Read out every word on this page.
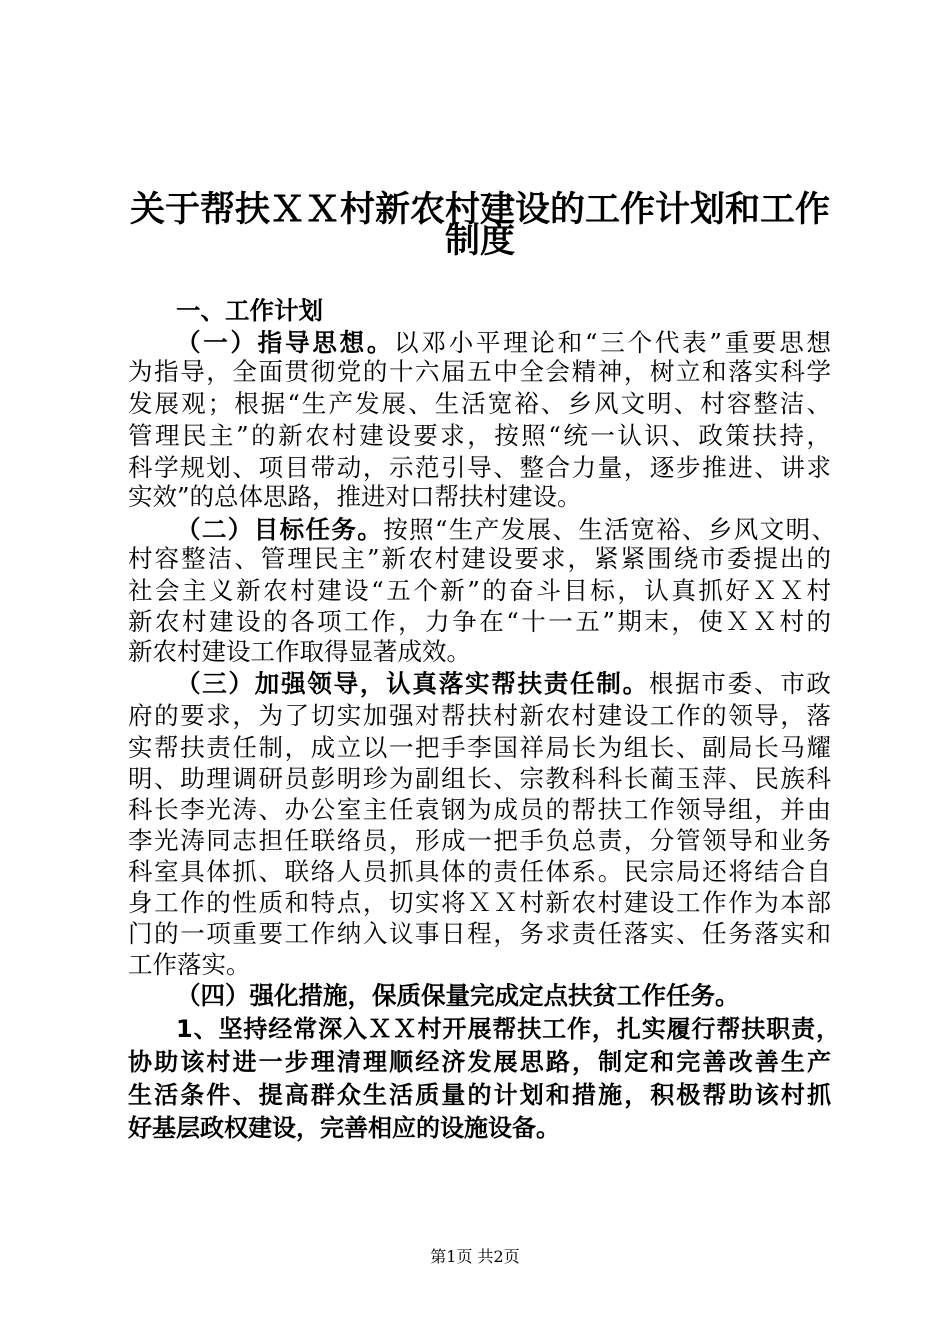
关于帮扶ＸＸ村新农村建设的工作计划和工作
制度
一、工作计划
（一）指导思想。以邓小平理论和“三个代表”重要思想
为指导，全面贯彻党的十六届五中全会精神，树立和落实科学
发展观；根据“生产发展、生活宽裕、乡风文明、村容整洁、
管理民主”的新农村建设要求，按照“统一认识、政策扶持，
科学规划、项目带动，示范引导、整合力量，逐步推进、讲求
实效”的总体思路，推进对口帮扶村建设。
（二）目标任务。按照“生产发展、生活宽裕、乡风文明、
村容整洁、管理民主”新农村建设要求，紧紧围绕市委提出的
社会主义新农村建设“五个新”的奋斗目标，认真抓好ＸＸ村
新农村建设的各项工作，力争在“十一五”期末，使ＸＸ村的
新农村建设工作取得显著成效。
（三）加强领导，认真落实帮扶责任制。根据市委、市政
府的要求，为了切实加强对帮扶村新农村建设工作的领导，落
实帮扶责任制，成立以一把手李国祥局长为组长、副局长马耀
明、助理调研员彭明珍为副组长、宗教科科长蔺玉萍、民族科
科长李光涛、办公室主任袁钢为成员的帮扶工作领导组，并由
李光涛同志担任联络员，形成一把手负总责，分管领导和业务
科室具体抓、联络人员抓具体的责任体系。民宗局还将结合自
身工作的性质和特点，切实将ＸＸ村新农村建设工作作为本部
门的一项重要工作纳入议事日程，务求责任落实、任务落实和
工作落实。
（四）强化措施，保质保量完成定点扶贫工作任务。
1、坚持经常深入ＸＸ村开展帮扶工作，扎实履行帮扶职责，
协助该村进一步理清理顺经济发展思路，制定和完善改善生产
生活条件、提高群众生活质量的计划和措施，积极帮助该村抓
好基层政权建设，完善相应的设施设备。
第1页 共2页
